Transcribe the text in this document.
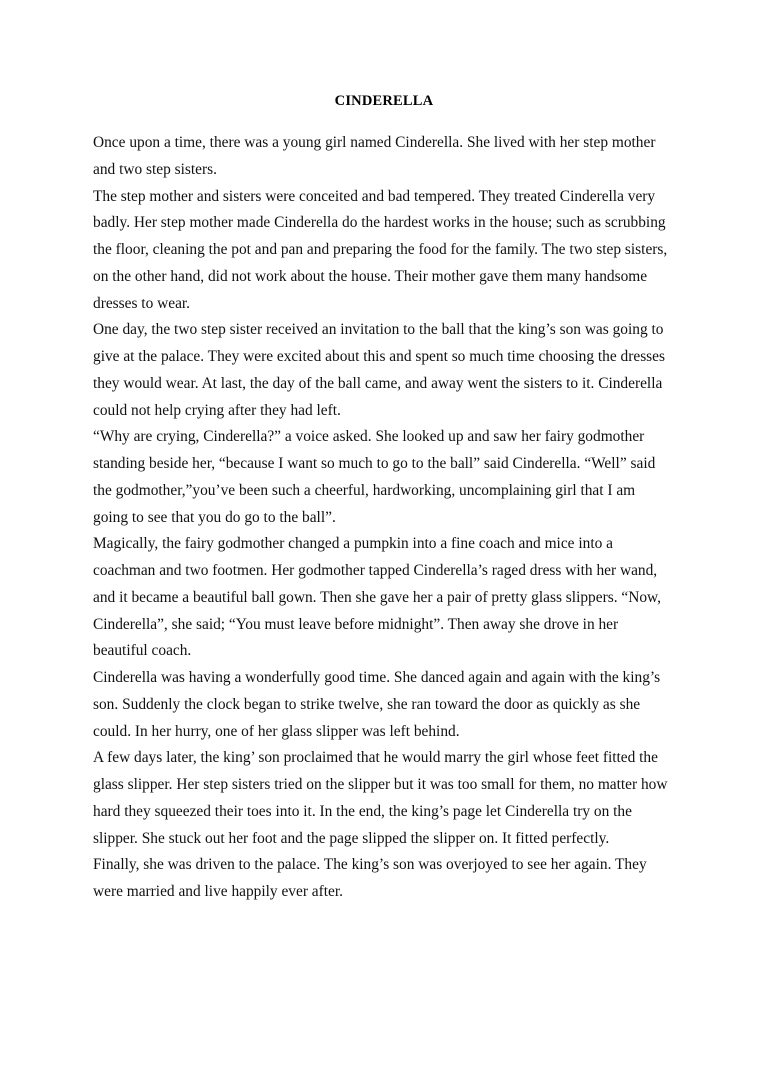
CINDERELLA

Once upon a time, there was a young girl named Cinderella. She lived with her step mother

and two step sisters.

The step mother and sisters were conceited and bad tempered. They treated Cinderella very

badly. Her step mother made Cinderella do the hardest works in the house; such as scrubbing

the floor, cleaning the pot and pan and preparing the food for the family. The two step sisters,

on the other hand, did not work about the house. Their mother gave them many handsome

dresses to wear.

One day, the two step sister received an invitation to the ball that the king’s son was going to

give at the palace. They were excited about this and spent so much time choosing the dresses

they would wear. At last, the day of the ball came, and away went the sisters to it. Cinderella

could not help crying after they had left.

“Why are crying, Cinderella?” a voice asked. She looked up and saw her fairy godmother

standing beside her, “because I want so much to go to the ball” said Cinderella. “Well” said

the godmother,”you’ve been such a cheerful, hardworking, uncomplaining girl that I am

going to see that you do go to the ball”.

Magically, the fairy godmother changed a pumpkin into a fine coach and mice into a

coachman and two footmen. Her godmother tapped Cinderella’s raged dress with her wand,

and it became a beautiful ball gown. Then she gave her a pair of pretty glass slippers. “Now,

Cinderella”, she said; “You must leave before midnight”. Then away she drove in her

beautiful coach.

Cinderella was having a wonderfully good time. She danced again and again with the king’s

son. Suddenly the clock began to strike twelve, she ran toward the door as quickly as she

could. In her hurry, one of her glass slipper was left behind.

A few days later, the king’ son proclaimed that he would marry the girl whose feet fitted the

glass slipper. Her step sisters tried on the slipper but it was too small for them, no matter how

hard they squeezed their toes into it. In the end, the king’s page let Cinderella try on the

slipper. She stuck out her foot and the page slipped the slipper on. It fitted perfectly.

Finally, she was driven to the palace. The king’s son was overjoyed to see her again. They

were married and live happily ever after.
